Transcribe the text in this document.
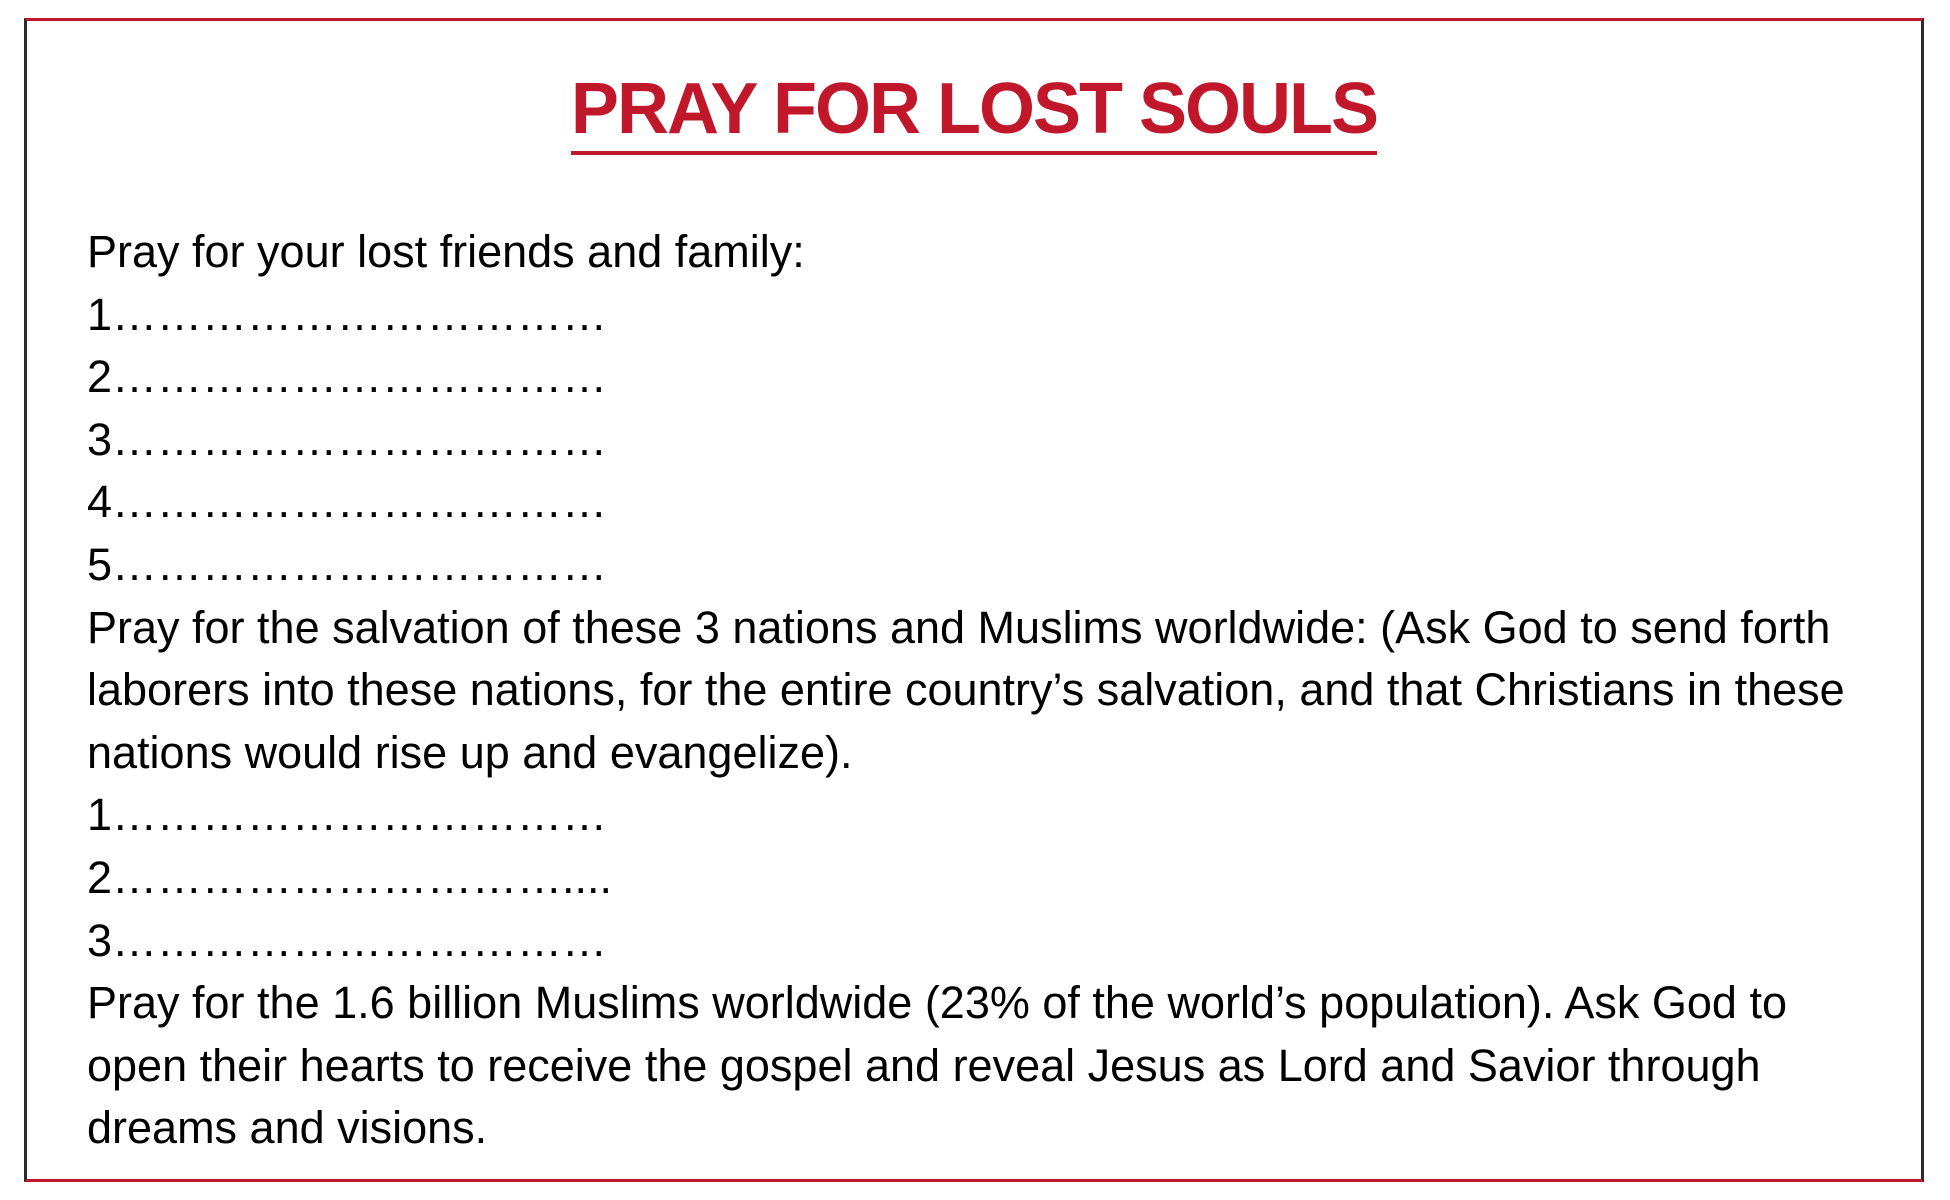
PRAY FOR LOST SOULS

Pray for your lost friends and family:

1……………………………
2……………………………
3……………………………
4……………………………
5……………………………

Pray for the salvation of these 3 nations and Muslims worldwide: (Ask God to send forth laborers into these nations, for the entire country’s salvation, and that Christians in these nations would rise up and evangelize).

1……………………………
2…………………………....
3……………………………

Pray for the 1.6 billion Muslims worldwide (23% of the world’s population). Ask God to open their hearts to receive the gospel and reveal Jesus as Lord and Savior through dreams and visions.
